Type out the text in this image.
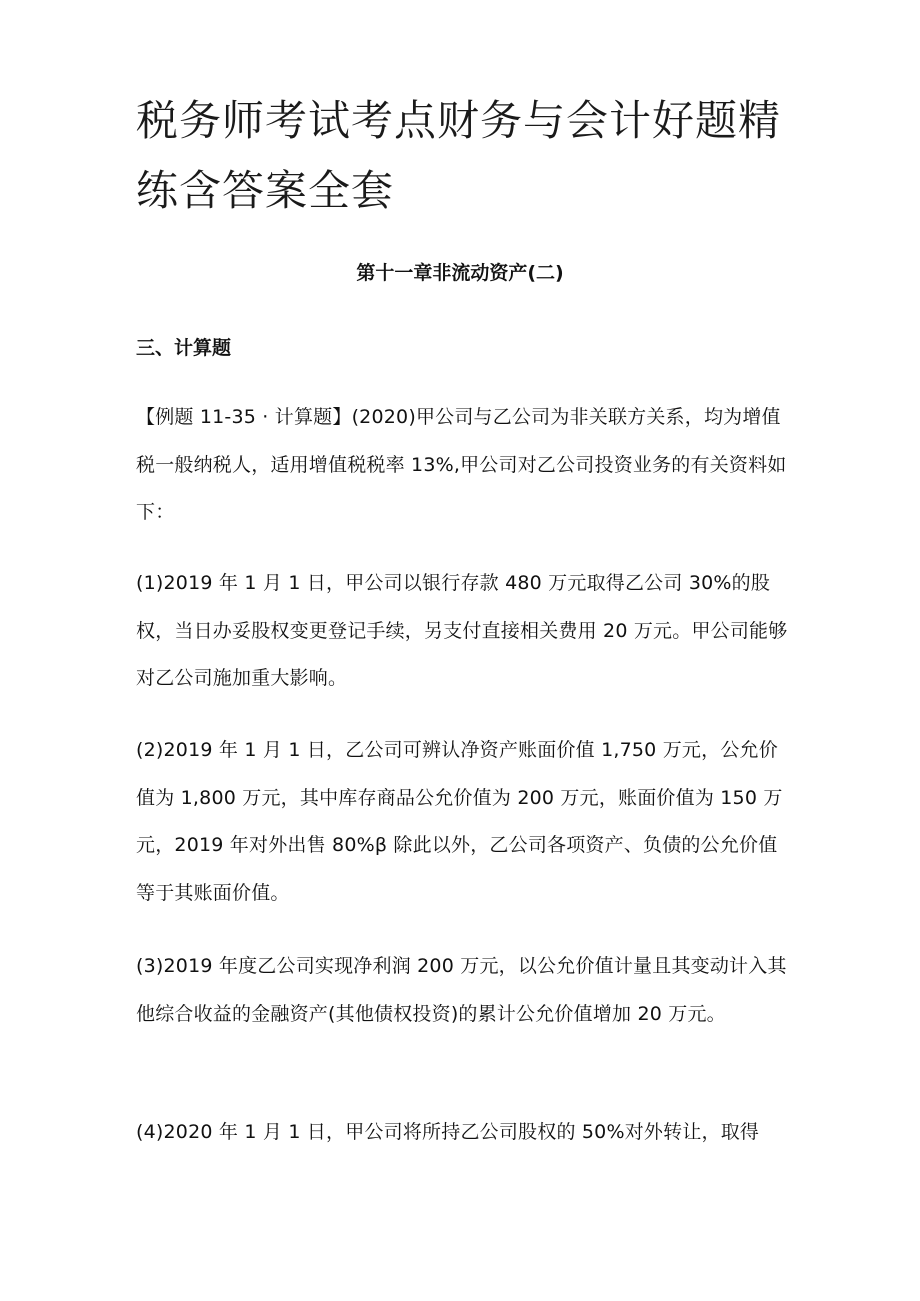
税务师考试考点财务与会计好题精练含答案全套
第十一章非流动资产(二)
三、计算题

【例题 11-35 · 计算题】(2020)甲公司与乙公司为非关联方关系，均为增值税一般纳税人，适用增值税税率 13%,甲公司对乙公司投资业务的有关资料如下：

(1)2019 年 1 月 1 日，甲公司以银行存款 480 万元取得乙公司 30%的股权，当日办妥股权变更登记手续，另支付直接相关费用 20 万元。甲公司能够对乙公司施加重大影响。

(2)2019 年 1 月 1 日，乙公司可辨认净资产账面价值 1,750 万元，公允价值为 1,800 万元，其中库存商品公允价值为 200 万元，账面价值为 150 万元，2019 年对外出售 80%β 除此以外，乙公司各项资产、负债的公允价值等于其账面价值。

(3)2019 年度乙公司实现净利润 200 万元，以公允价值计量且其变动计入其他综合收益的金融资产(其他债权投资)的累计公允价值增加 20 万元。

(4)2020 年 1 月 1 日，甲公司将所持乙公司股权的 50%对外转让，取得
